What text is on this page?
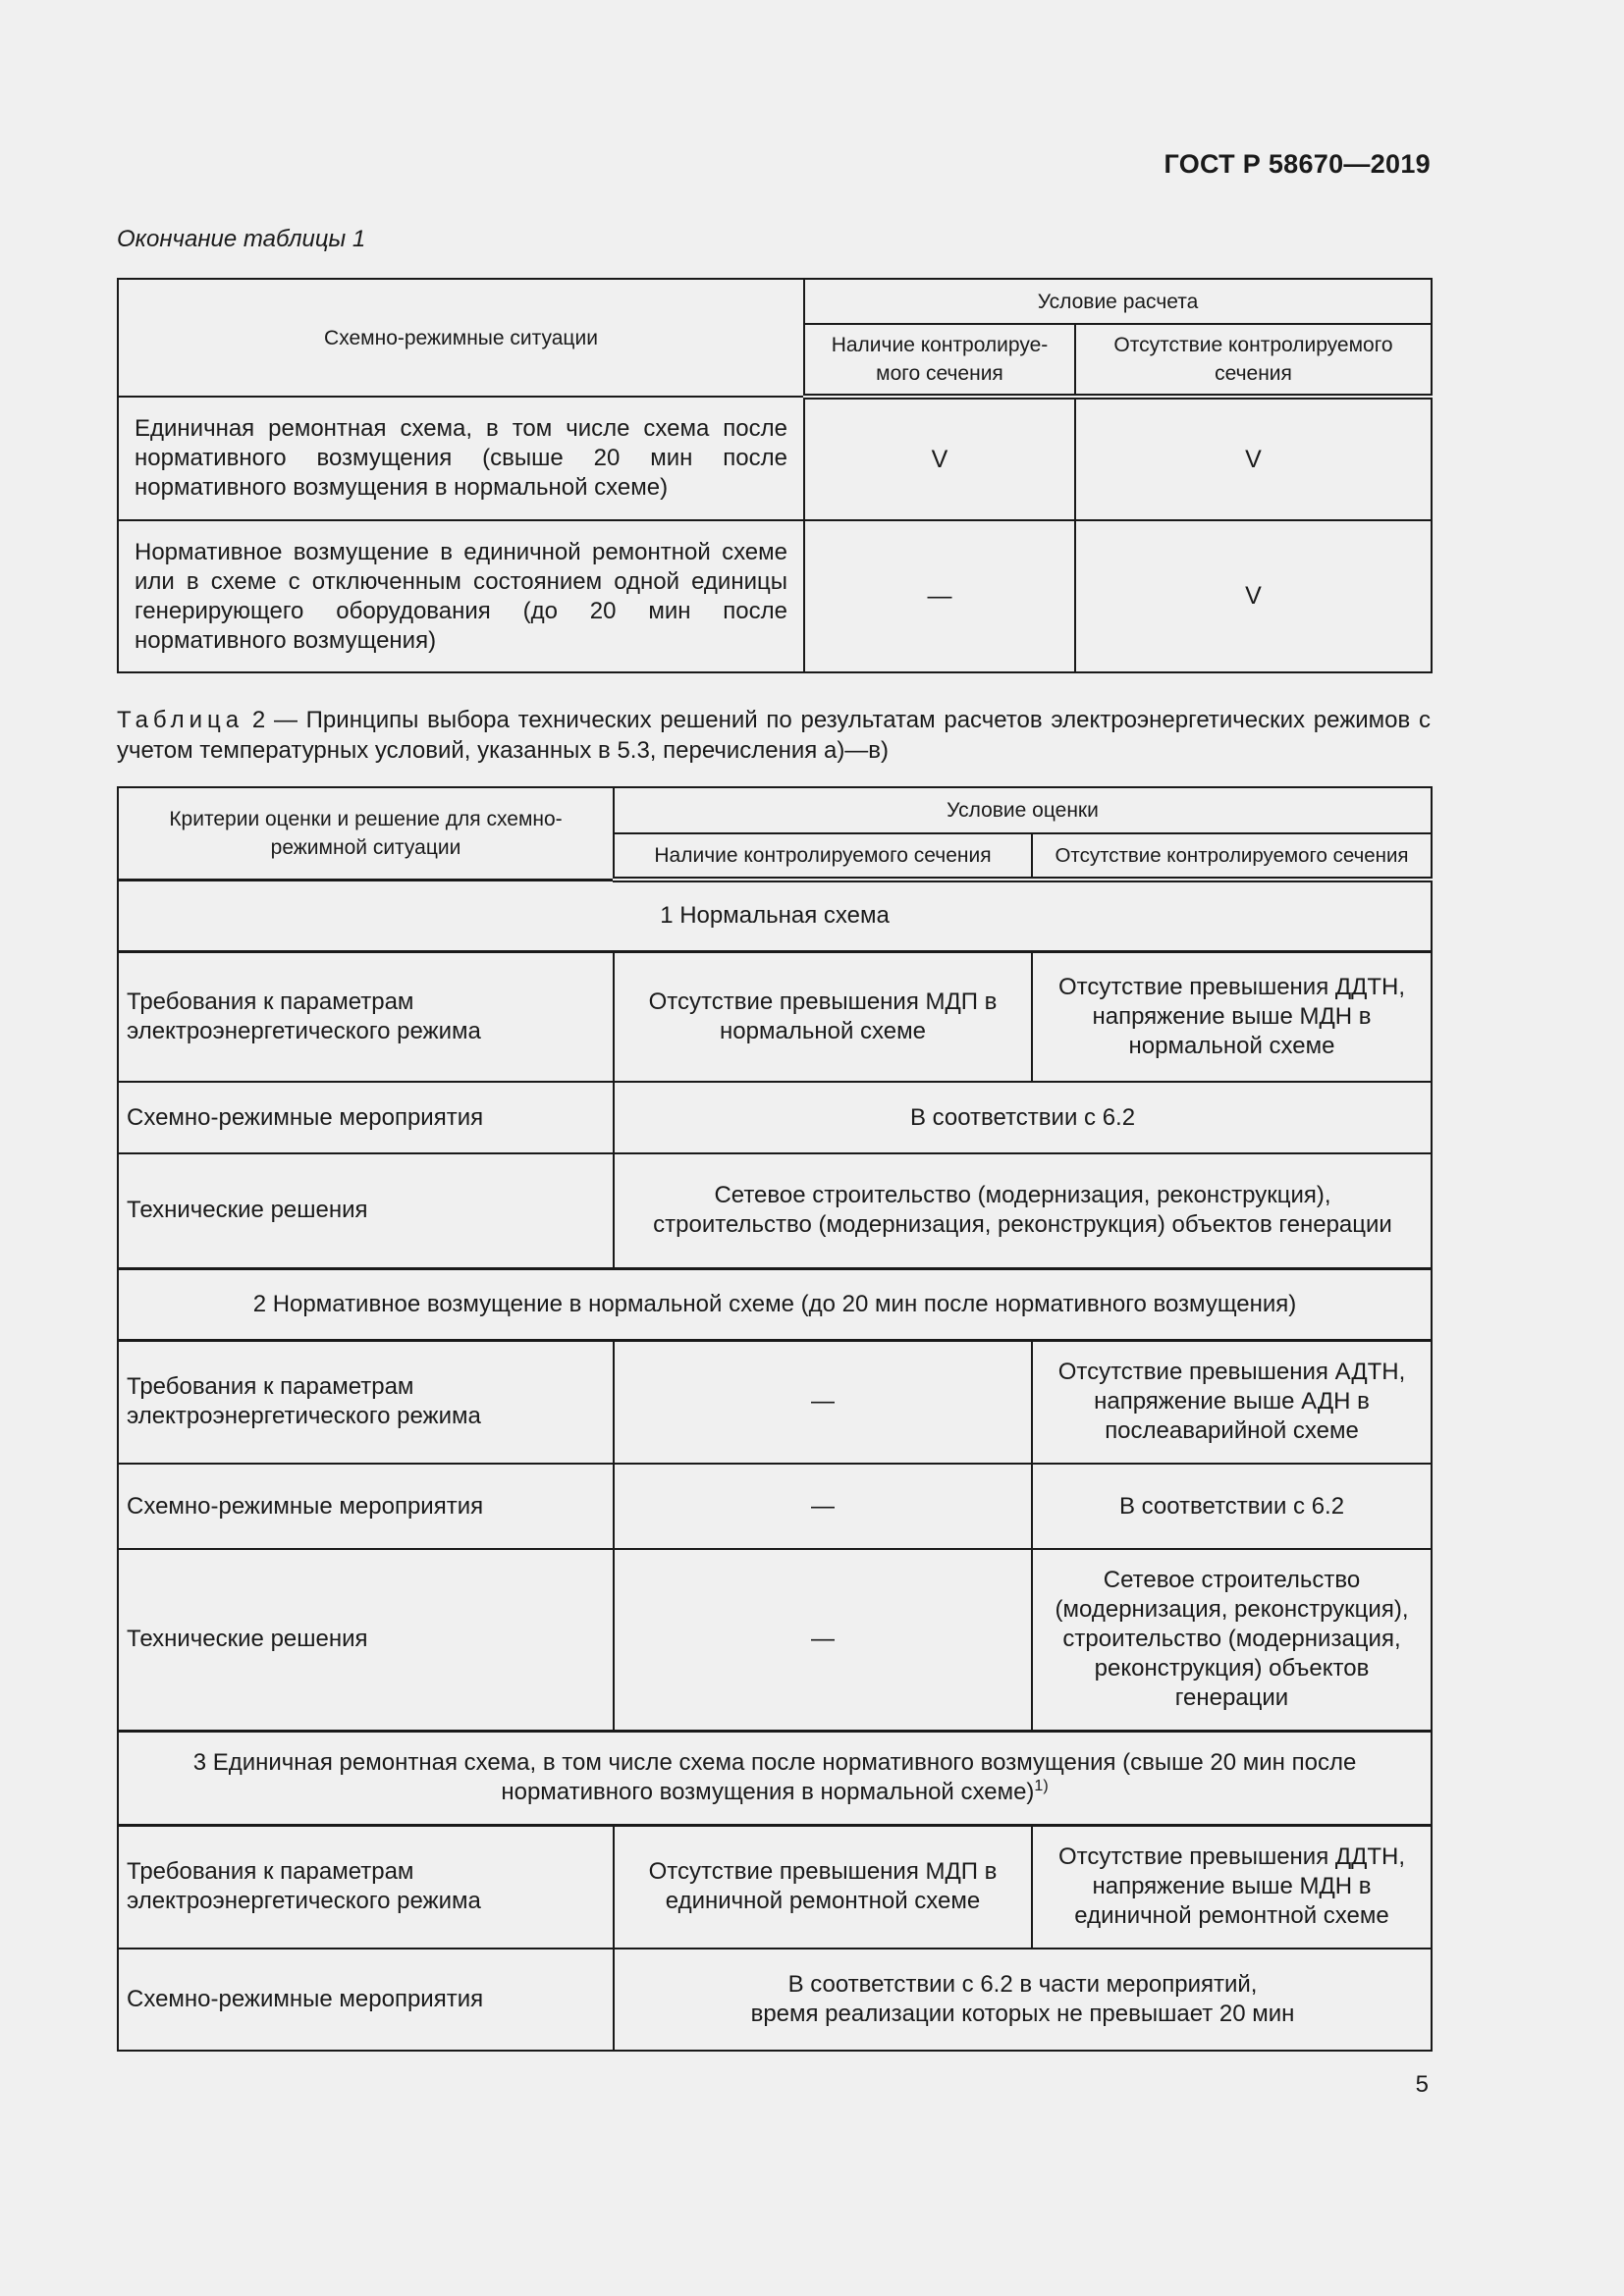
ГОСТ Р 58670—2019
Окончание таблицы 1
Схемно-режимные ситуации	Условие расчета	
	Наличие контролируе-мого сечения	Отсутствие контролируемого сечения
Единичная ремонтная схема, в том числе схема после нормативного возмущения (свыше 20 мин после нормативного возмущения в нормальной схеме)	V	V
Нормативное возмущение в единичной ремонтной схеме или в схеме с отключенным состоянием одной единицы генерирующего оборудования (до 20 мин после нормативного возмущения)	—	V
Таблица 2 — Принципы выбора технических решений по результатам расчетов электроэнергетических режимов с учетом температурных условий, указанных в 5.3, перечисления а)—в)
Критерии оценки и решение для схемно-режимной ситуации	Условие оценки	
	Наличие контролируемого сечения	Отсутствие контролируемого сечения
1 Нормальная схема		
Требования к параметрам электроэнергетического режима	Отсутствие превышения МДП в нормальной схеме	Отсутствие превышения ДДТН, напряжение выше МДН в нормальной схеме
Схемно-режимные мероприятия	В соответствии с 6.2	
Технические решения	Сетевое строительство (модернизация, реконструкция), строительство (модернизация, реконструкция) объектов генерации	
2 Нормативное возмущение в нормальной схеме (до 20 мин после нормативного возмущения)		
Требования к параметрам электроэнергетического режима	—	Отсутствие превышения АДТН, напряжение выше АДН в послеаварийной схеме
Схемно-режимные мероприятия	—	В соответствии с 6.2
Технические решения	—	Сетевое строительство (модернизация, реконструкция), строительство (модернизация, реконструкция) объектов генерации
3 Единичная ремонтная схема, в том числе схема после нормативного возмущения (свыше 20 мин после нормативного возмущения в нормальной схеме)$^{1)}$
Требования к параметрам электроэнергетического режима	Отсутствие превышения МДП в единичной ремонтной схеме	Отсутствие превышения ДДТН, напряжение выше МДН в единичной ремонтной схеме
Схемно-режимные мероприятия	В соответствии с 6.2 в части мероприятий,
время реализации которых не превышает 20 мин	
5
